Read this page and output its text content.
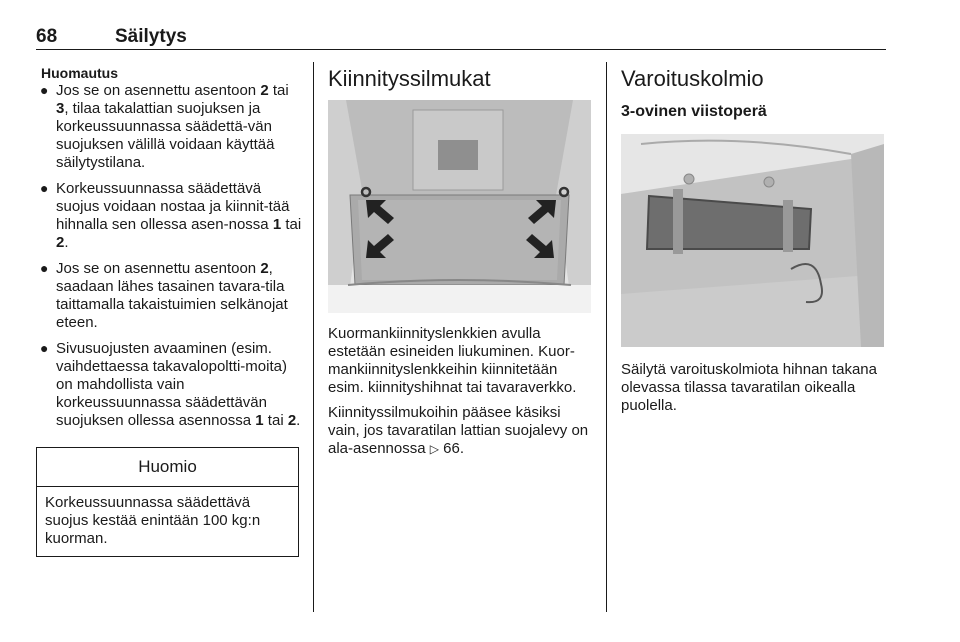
68	Säilytys
Huomautus
● Jos se on asennettu asentoon 2 tai 3, tilaa takalattian suojuksen ja korkeussuunnassa säädettä-vän suojuksen välillä voidaan käyttää säilytystilana.
● Korkeussuunnassa säädettävä suojus voidaan nostaa ja kiinnit-tää hihnalla sen ollessa asen-nossa 1 tai 2.
● Jos se on asennettu asentoon 2, saadaan lähes tasainen tavara-tila taittamalla takaistuimien selkänojat eteen.
● Sivusuojusten avaaminen (esim. vaihdettaessa takavalopoltti-moita) on mahdollista vain korkeussuunnassa säädettävän suojuksen ollessa asennossa 1 tai 2.
Huomio
Korkeussuunnassa säädettävä suojus kestää enintään 100 kg:n kuorman.
Kiinnityssilmukat

Kuormankiinnityslenkkien avulla estetään esineiden liukuminen. Kuor-mankiinnityslenkkeihin kiinnitetään esim. kiinnityshihnat tai tavaraverkko.

Kiinnityssilmukoihin pääsee käsiksi vain, jos tavaratilan lattian suojalevy on ala-asennossa ▷ 66.

Varoituskolmio
3-ovinen viistoperä

Säilytä varoituskolmiota hihnan takana olevassa tilassa tavaratilan oikealla puolella.
